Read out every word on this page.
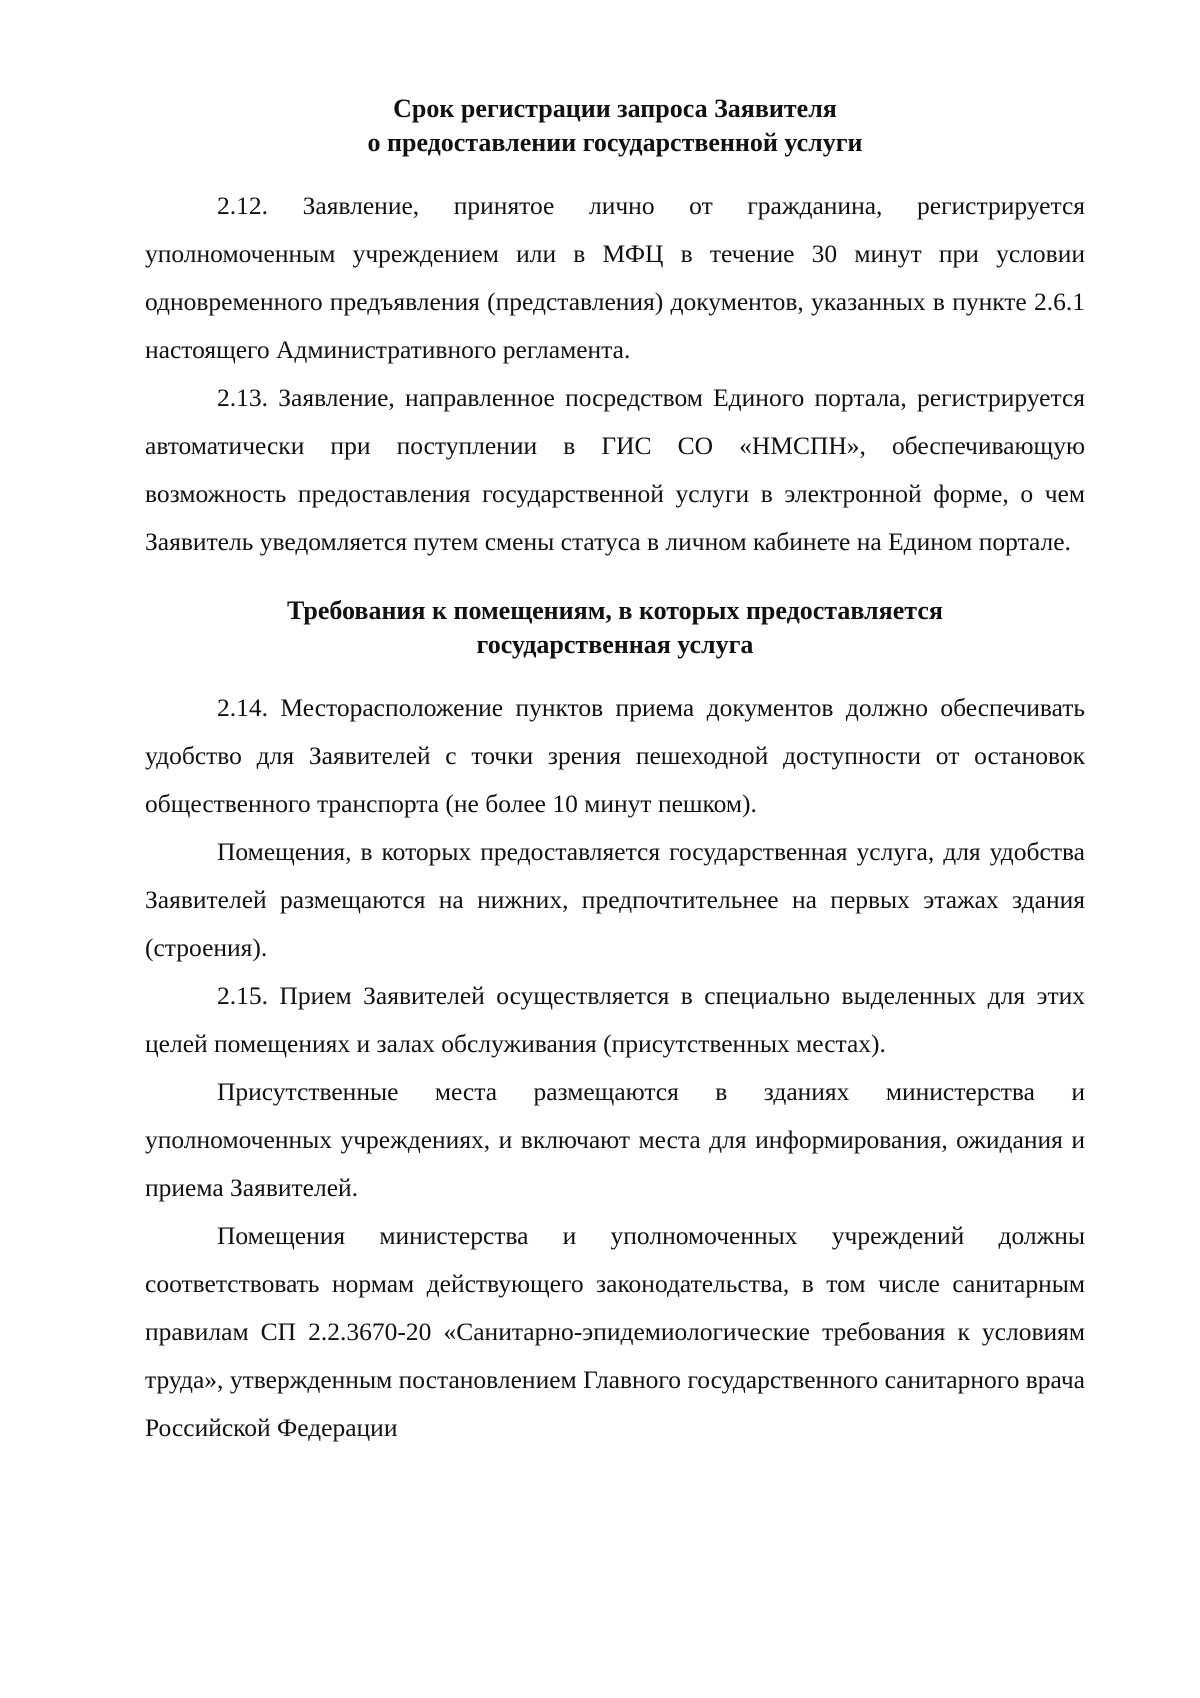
Срок регистрации запроса Заявителя
о предоставлении государственной услуги

2.12. Заявление, принятое лично от гражданина, регистрируется уполномоченным учреждением или в МФЦ в течение 30 минут при условии одновременного предъявления (представления) документов, указанных в пункте 2.6.1 настоящего Административного регламента.

2.13. Заявление, направленное посредством Единого портала, регистрируется автоматически при поступлении в ГИС СО «НМСПН», обеспечивающую возможность предоставления государственной услуги в электронной форме, о чем Заявитель уведомляется путем смены статуса в личном кабинете на Едином портале.

Требования к помещениям, в которых предоставляется
государственная услуга

2.14. Месторасположение пунктов приема документов должно обеспечивать удобство для Заявителей с точки зрения пешеходной доступности от остановок общественного транспорта (не более 10 минут пешком).

Помещения, в которых предоставляется государственная услуга, для удобства Заявителей размещаются на нижних, предпочтительнее на первых этажах здания (строения).

2.15. Прием Заявителей осуществляется в специально выделенных для этих целей помещениях и залах обслуживания (присутственных местах).

Присутственные места размещаются в зданиях министерства и уполномоченных учреждениях, и включают места для информирования, ожидания и приема Заявителей.

Помещения министерства и уполномоченных учреждений должны соответствовать нормам действующего законодательства, в том числе санитарным правилам СП 2.2.3670-20 «Санитарно-эпидемиологические требования к условиям труда», утвержденным постановлением Главного государственного санитарного врача Российской Федерации
